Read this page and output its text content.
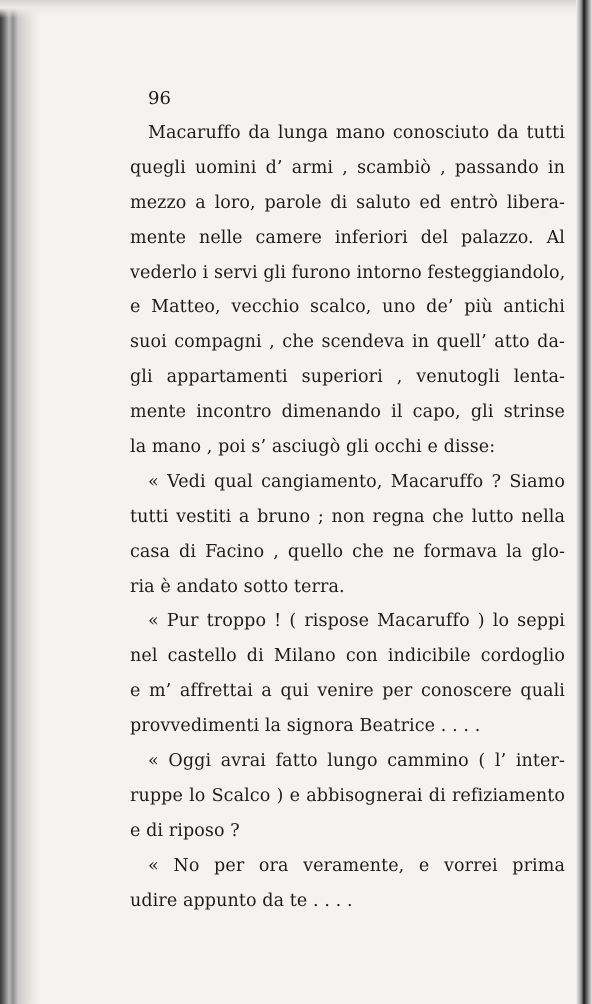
96
Macaruffo da lunga mano conosciuto da tutti
quegli uomini d’ armi , scambiò , passando in
mezzo a loro, parole di saluto ed entrò libera-
mente nelle camere inferiori del palazzo. Al
vederlo i servi gli furono intorno festeggiandolo,
e Matteo, vecchio scalco, uno de’ più antichi
suoi compagni , che scendeva in quell’ atto da-
gli appartamenti superiori , venutogli lenta-
mente incontro dimenando il capo, gli strinse
la mano , poi s’ asciugò gli occhi e disse:
« Vedi qual cangiamento, Macaruffo ? Siamo
tutti vestiti a bruno ; non regna che lutto nella
casa di Facino , quello che ne formava la glo-
ria è andato sotto terra.
« Pur troppo ! ( rispose Macaruffo ) lo seppi
nel castello di Milano con indicibile cordoglio
e m’ affrettai a qui venire per conoscere quali
provvedimenti la signora Beatrice . . . .
« Oggi avrai fatto lungo cammino ( l’ inter-
ruppe lo Scalco ) e abbisognerai di refiziamento
e di riposo ?
« No per ora veramente, e vorrei prima
udire appunto da te . . . .
